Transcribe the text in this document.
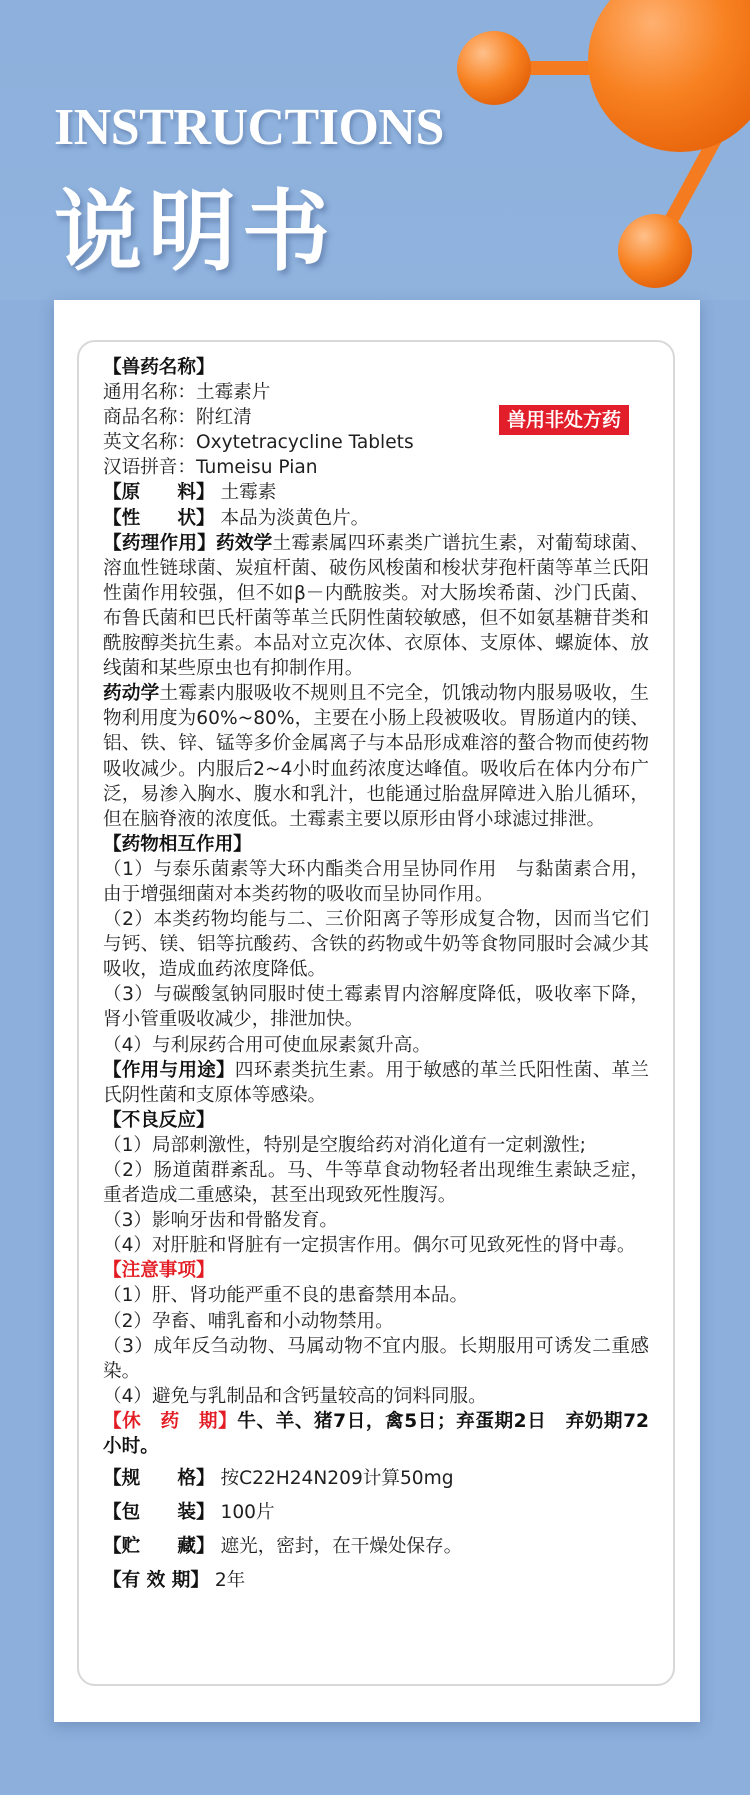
INSTRUCTIONS
说明书
兽用非处方药

【兽药名称】

通用名称：土霉素片

商品名称：附红清

英文名称：Oxytetracycline Tablets

汉语拼音：Tumeisu Pian

【原　　料】 土霉素

【性　　状】 本品为淡黄色片。

【药理作用】药效学土霉素属四环素类广谱抗生素，对葡萄球菌、溶血性链球菌、炭疽杆菌、破伤风梭菌和梭状芽孢杆菌等革兰氏阳性菌作用较强，但不如β－内酰胺类。对大肠埃希菌、沙门氏菌、布鲁氏菌和巴氏杆菌等革兰氏阴性菌较敏感，但不如氨基糖苷类和酰胺醇类抗生素。本品对立克次体、衣原体、支原体、螺旋体、放线菌和某些原虫也有抑制作用。

药动学土霉素内服吸收不规则且不完全，饥饿动物内服易吸收，生物利用度为60%~80%，主要在小肠上段被吸收。胃肠道内的镁、铝、铁、锌、锰等多价金属离子与本品形成难溶的螯合物而使药物吸收减少。内服后2~4小时血药浓度达峰值。吸收后在体内分布广泛，易渗入胸水、腹水和乳汁，也能通过胎盘屏障进入胎儿循环，但在脑脊液的浓度低。土霉素主要以原形由肾小球滤过排泄。

【药物相互作用】

（1）与泰乐菌素等大环内酯类合用呈协同作用　与黏菌素合用，由于增强细菌对本类药物的吸收而呈协同作用。

（2）本类药物均能与二、三价阳离子等形成复合物，因而当它们与钙、镁、铝等抗酸药、含铁的药物或牛奶等食物同服时会减少其吸收，造成血药浓度降低。

（3）与碳酸氢钠同服时使土霉素胃内溶解度降低，吸收率下降，肾小管重吸收减少，排泄加快。

（4）与利尿药合用可使血尿素氮升高。

【作用与用途】四环素类抗生素。用于敏感的革兰氏阳性菌、革兰氏阴性菌和支原体等感染。

【不良反应】

（1）局部刺激性，特别是空腹给药对消化道有一定刺激性;

（2）肠道菌群紊乱。马、牛等草食动物轻者出现维生素缺乏症，重者造成二重感染，甚至出现致死性腹泻。

（3）影响牙齿和骨骼发育。

（4）对肝脏和肾脏有一定损害作用。偶尔可见致死性的肾中毒。

【注意事项】

（1）肝、肾功能严重不良的患畜禁用本品。

（2）孕畜、哺乳畜和小动物禁用。

（3）成年反刍动物、马属动物不宜内服。长期服用可诱发二重感染。

（4）避免与乳制品和含钙量较高的饲料同服。

【休　药　期】牛、羊、猪7日，禽5日；弃蛋期2日　弃奶期72小时。

【规　　格】 按C22H24N209计算50mg

【包　　装】 100片

【贮　　藏】 遮光，密封，在干燥处保存。

【有 效 期】 2年
